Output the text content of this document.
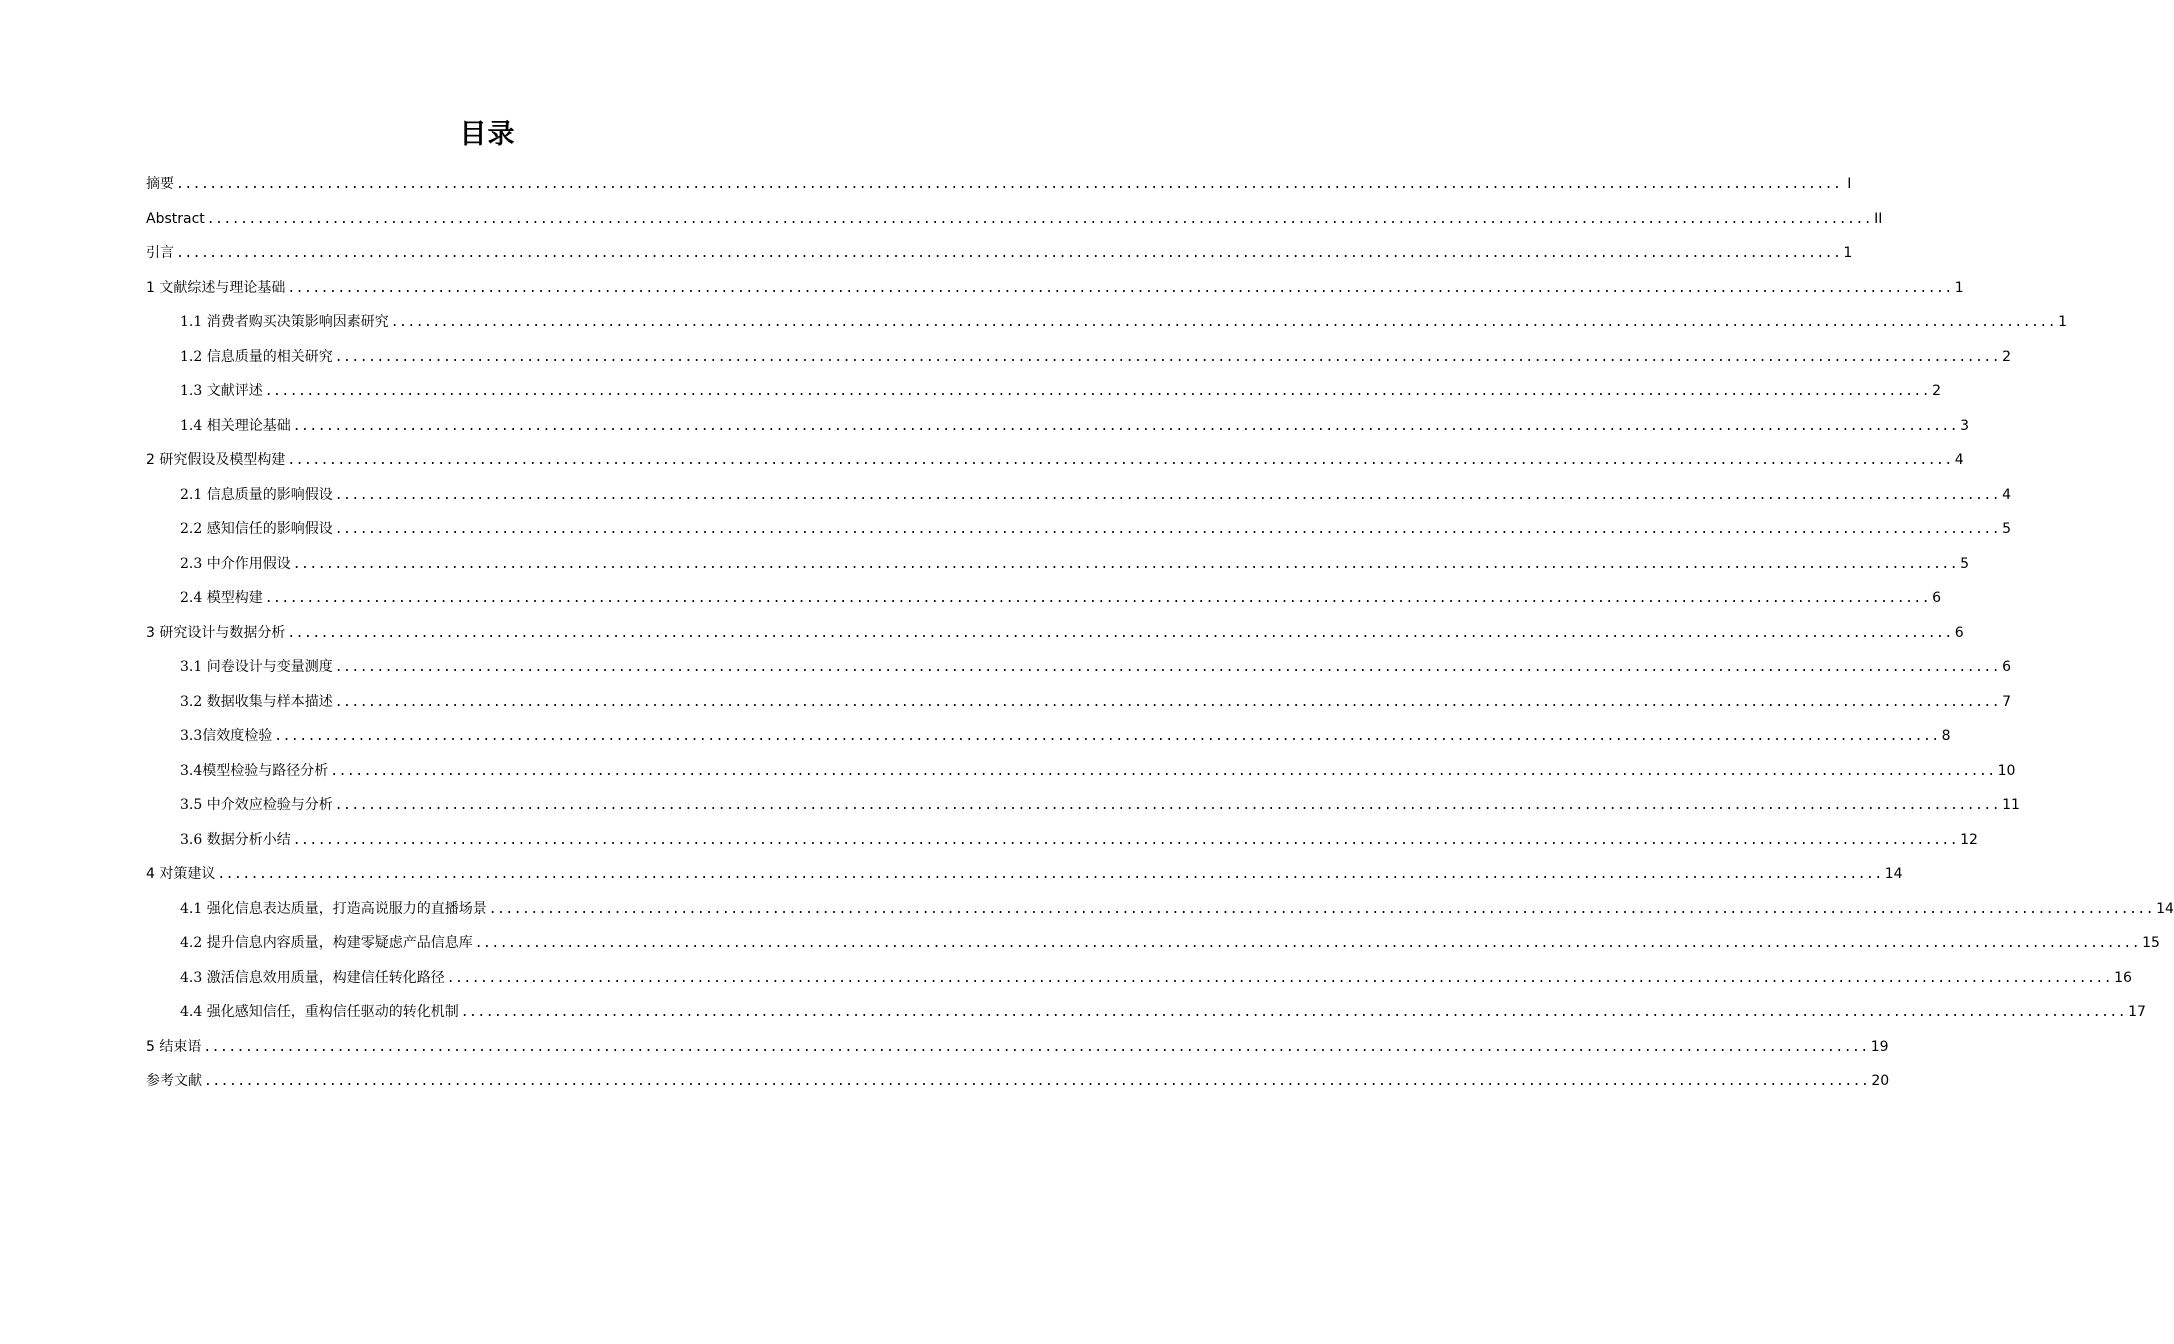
目录
摘要 ........................................................................................................................................................................................................ I
Abstract ........................................................................................................................................................................................................ II
引言 ........................................................................................................................................................................................................ 1
1 文献综述与理论基础 ........................................................................................................................................................................................................ 1
1.1 消费者购买决策影响因素研究 ........................................................................................................................................................................................................ 1
1.2 信息质量的相关研究 ........................................................................................................................................................................................................ 2
1.3 文献评述 ........................................................................................................................................................................................................ 2
1.4 相关理论基础 ........................................................................................................................................................................................................ 3
2 研究假设及模型构建 ........................................................................................................................................................................................................ 4
2.1 信息质量的影响假设 ........................................................................................................................................................................................................ 4
2.2 感知信任的影响假设 ........................................................................................................................................................................................................ 5
2.3 中介作用假设 ........................................................................................................................................................................................................ 5
2.4 模型构建 ........................................................................................................................................................................................................ 6
3 研究设计与数据分析 ........................................................................................................................................................................................................ 6
3.1 问卷设计与变量测度 ........................................................................................................................................................................................................ 6
3.2 数据收集与样本描述 ........................................................................................................................................................................................................ 7
3.3信效度检验 ........................................................................................................................................................................................................ 8
3.4模型检验与路径分析 ........................................................................................................................................................................................................ 10
3.5 中介效应检验与分析 ........................................................................................................................................................................................................ 11
3.6 数据分析小结 ........................................................................................................................................................................................................ 12
4 对策建议 ........................................................................................................................................................................................................ 14
4.1 强化信息表达质量，打造高说服力的直播场景 ........................................................................................................................................................................................................ 14
4.2 提升信息内容质量，构建零疑虑产品信息库 ........................................................................................................................................................................................................ 15
4.3 激活信息效用质量，构建信任转化路径 ........................................................................................................................................................................................................ 16
4.4 强化感知信任，重构信任驱动的转化机制 ........................................................................................................................................................................................................ 17
5 结束语 ........................................................................................................................................................................................................ 19
参考文献 ........................................................................................................................................................................................................ 20
